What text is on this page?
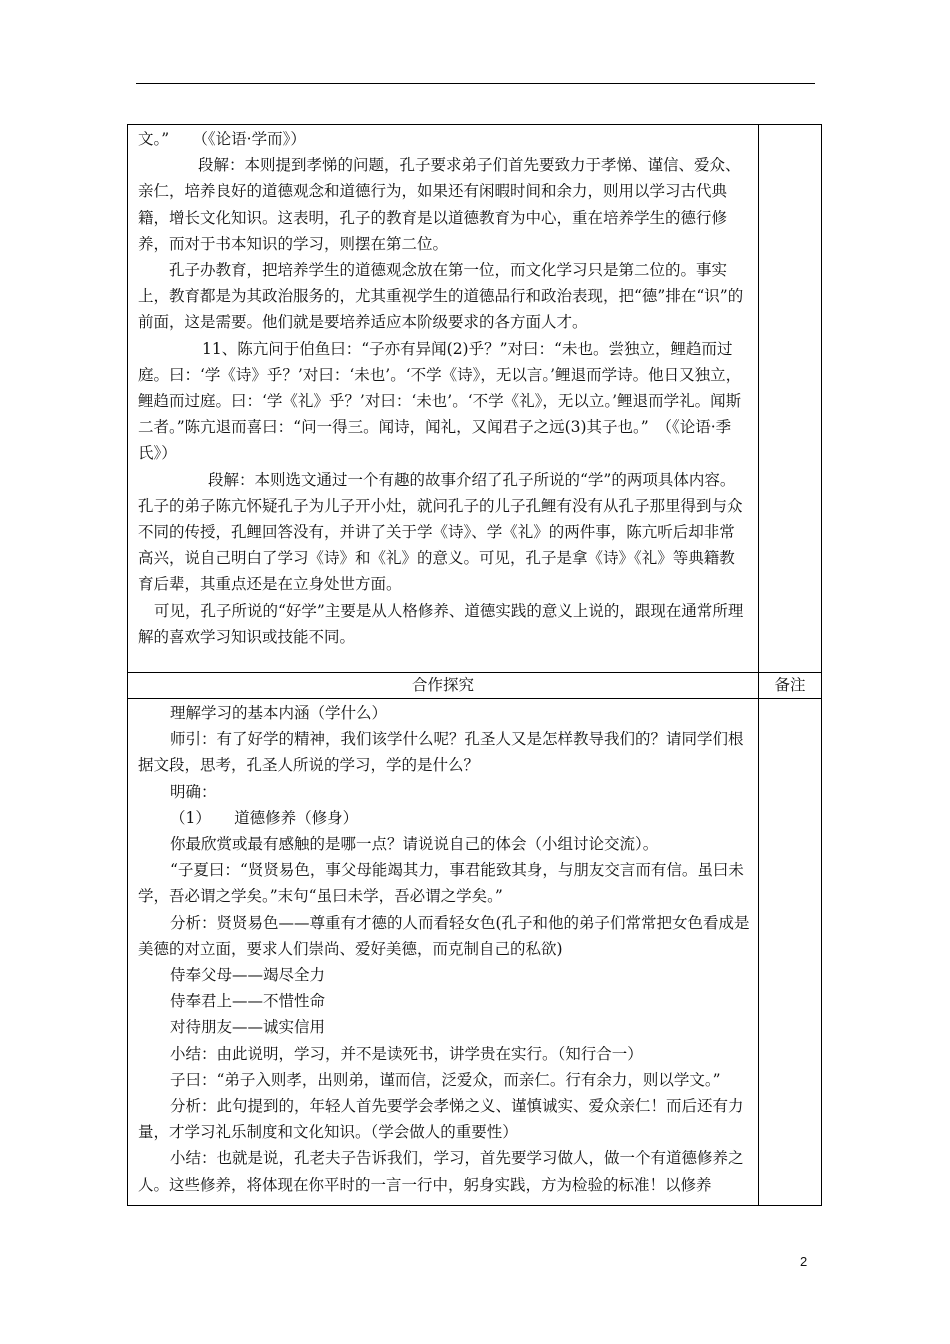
文。”　　（《论语·学而》）

段解：本则提到孝悌的问题，孔子要求弟子们首先要致力于孝悌、谨信、爱众、亲仁，培养良好的道德观念和道德行为，如果还有闲暇时间和余力，则用以学习古代典籍，增长文化知识。这表明，孔子的教育是以道德教育为中心，重在培养学生的德行修养，而对于书本知识的学习，则摆在第二位。

孔子办教育，把培养学生的道德观念放在第一位，而文化学习只是第二位的。事实上，教育都是为其政治服务的，尤其重视学生的道德品行和政治表现，把“德”排在“识”的前面，这是需要。他们就是要培养适应本阶级要求的各方面人才。

11、陈亢问于伯鱼曰：“子亦有异闻(2)乎？”对曰：“未也。尝独立，鲤趋而过庭。曰：‘学《诗》乎？’对曰：‘未也’。‘不学《诗》，无以言。’鲤退而学诗。他日又独立，鲤趋而过庭。曰：‘学《礼》乎？’对曰：‘未也’。‘不学《礼》，无以立。’鲤退而学礼。闻斯二者。”陈亢退而喜曰：“问一得三。闻诗，闻礼，又闻君子之远(3)其子也。”　（《论语·季氏》）

段解：本则选文通过一个有趣的故事介绍了孔子所说的“学”的两项具体内容。孔子的弟子陈亢怀疑孔子为儿子开小灶，就问孔子的儿子孔鲤有没有从孔子那里得到与众不同的传授，孔鲤回答没有，并讲了关于学《诗》、学《礼》的两件事，陈亢听后却非常高兴，说自己明白了学习《诗》和《礼》的意义。可见，孔子是拿《诗》《礼》等典籍教育后辈，其重点还是在立身处世方面。

可见，孔子所说的“好学”主要是从人格修养、道德实践的意义上说的，跟现在通常所理解的喜欢学习知识或技能不同。

合作探究	备注

理解学习的基本内涵（学什么）

师引：有了好学的精神，我们该学什么呢？孔圣人又是怎样教导我们的？请同学们根据文段，思考，孔圣人所说的学习，学的是什么？

明确：

（1）　　道德修养（修身）

你最欣赏或最有感触的是哪一点？请说说自己的体会（小组讨论交流）。

“子夏曰：“贤贤易色，事父母能竭其力，事君能致其身，与朋友交言而有信。虽曰未学，吾必谓之学矣。”末句“虽曰未学，吾必谓之学矣。”

分析：贤贤易色——尊重有才德的人而看轻女色(孔子和他的弟子们常常把女色看成是美德的对立面，要求人们崇尚、爱好美德，而克制自己的私欲)

侍奉父母——竭尽全力

侍奉君上——不惜性命

对待朋友——诚实信用

小结：由此说明，学习，并不是读死书，讲学贵在实行。（知行合一）

子曰：“弟子入则孝，出则弟，谨而信，泛爱众，而亲仁。行有余力，则以学文。”

分析：此句提到的，年轻人首先要学会孝悌之义、谨慎诚实、爱众亲仁！而后还有力量，才学习礼乐制度和文化知识。（学会做人的重要性）

小结：也就是说，孔老夫子告诉我们，学习，首先要学习做人，做一个有道德修养之人。这些修养，将体现在你平时的一言一行中，躬身实践，方为检验的标准！以修养

2
